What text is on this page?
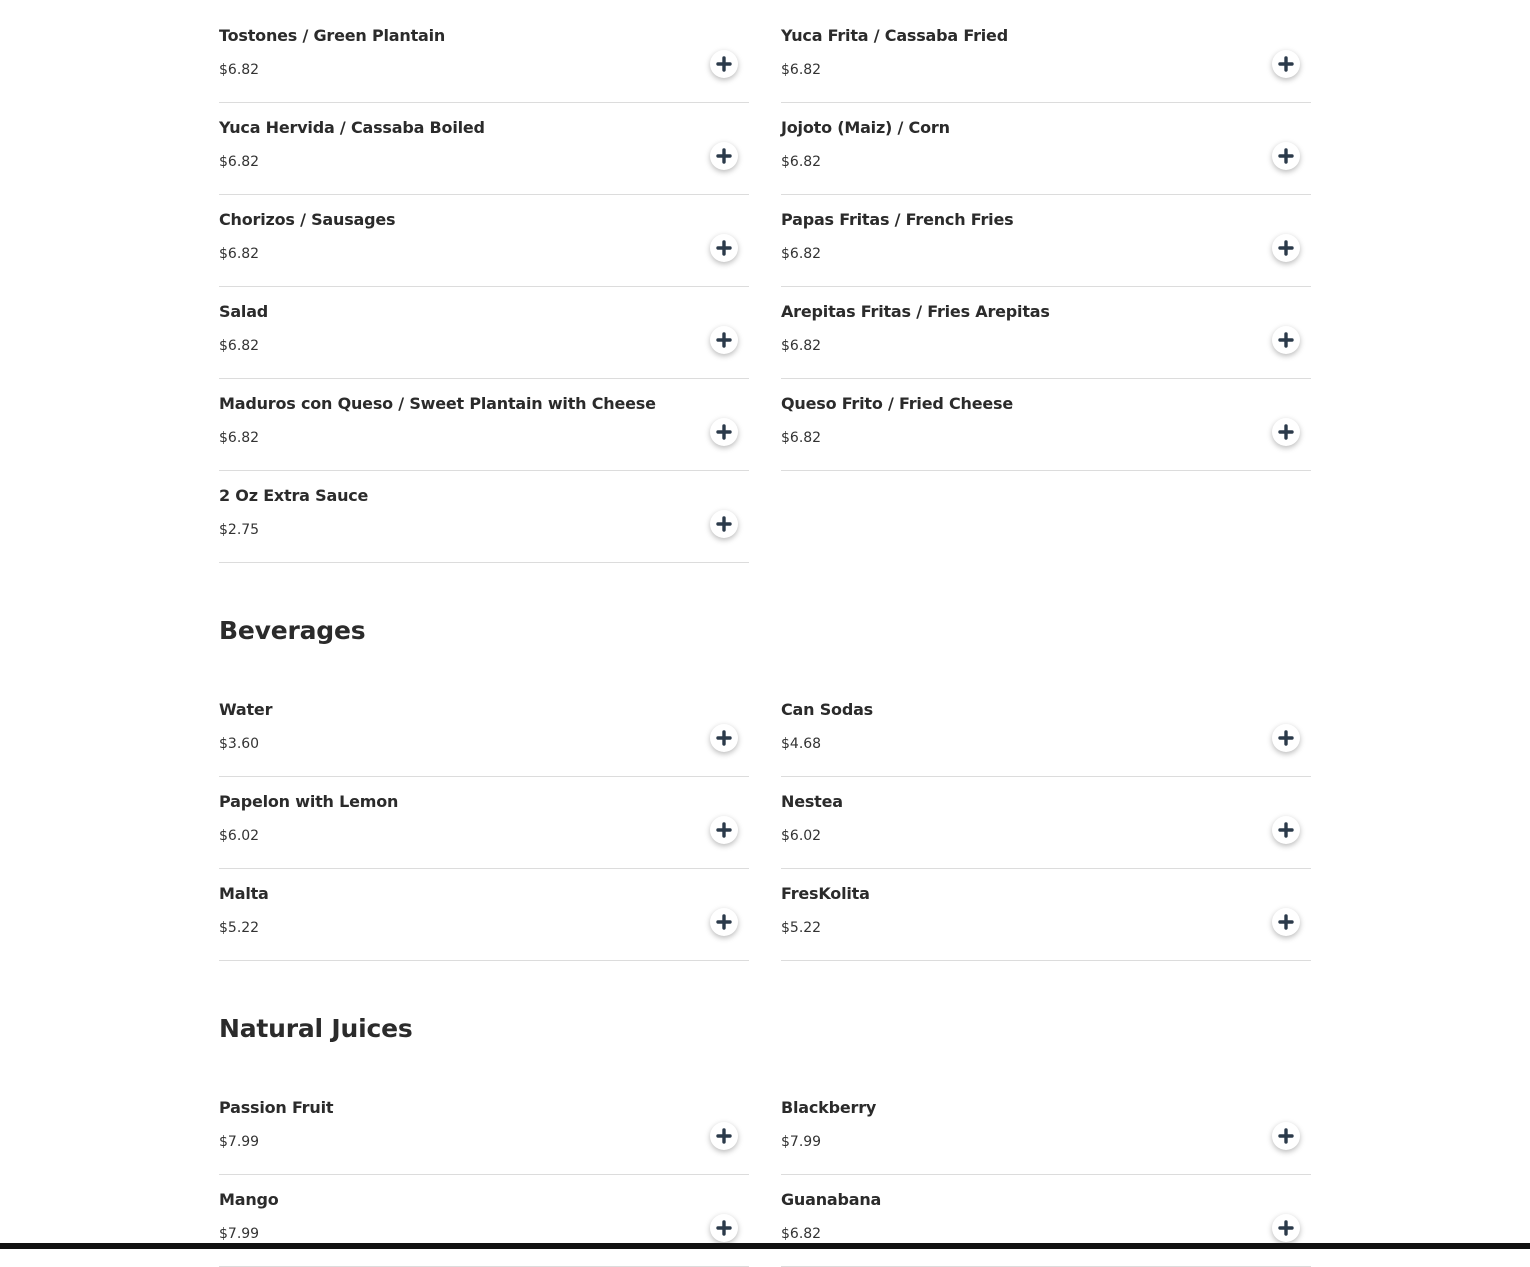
Tostones / Green Plantain
$6.82
Yuca Frita / Cassaba Fried
$6.82
Yuca Hervida / Cassaba Boiled
$6.82
Jojoto (Maiz) / Corn
$6.82
Chorizos / Sausages
$6.82
Papas Fritas / French Fries
$6.82
Salad
$6.82
Arepitas Fritas / Fries Arepitas
$6.82
Maduros con Queso / Sweet Plantain with Cheese
$6.82
Queso Frito / Fried Cheese
$6.82
2 Oz Extra Sauce
$2.75
Beverages
Water
$3.60
Can Sodas
$4.68
Papelon with Lemon
$6.02
Nestea
$6.02
Malta
$5.22
FresKolita
$5.22
Natural Juices
Passion Fruit
$7.99
Blackberry
$7.99
Mango
$7.99
Guanabana
$6.82
